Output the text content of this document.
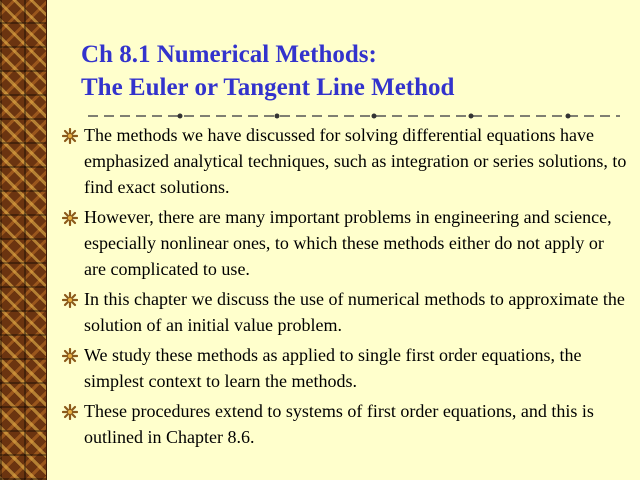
Ch 8.1 Numerical Methods:
The Euler or Tangent Line Method
The methods we have discussed for solving differential equations have emphasized analytical techniques, such as integration or series solutions, to find exact solutions.
However, there are many important problems in engineering and science, especially nonlinear ones, to which these methods either do not apply or are complicated to use.
In this chapter we discuss the use of numerical methods to approximate the solution of an initial value problem.
We study these methods as applied to single first order equations, the simplest context to learn the methods.
These procedures extend to systems of first order equations, and this is outlined in Chapter 8.6.
